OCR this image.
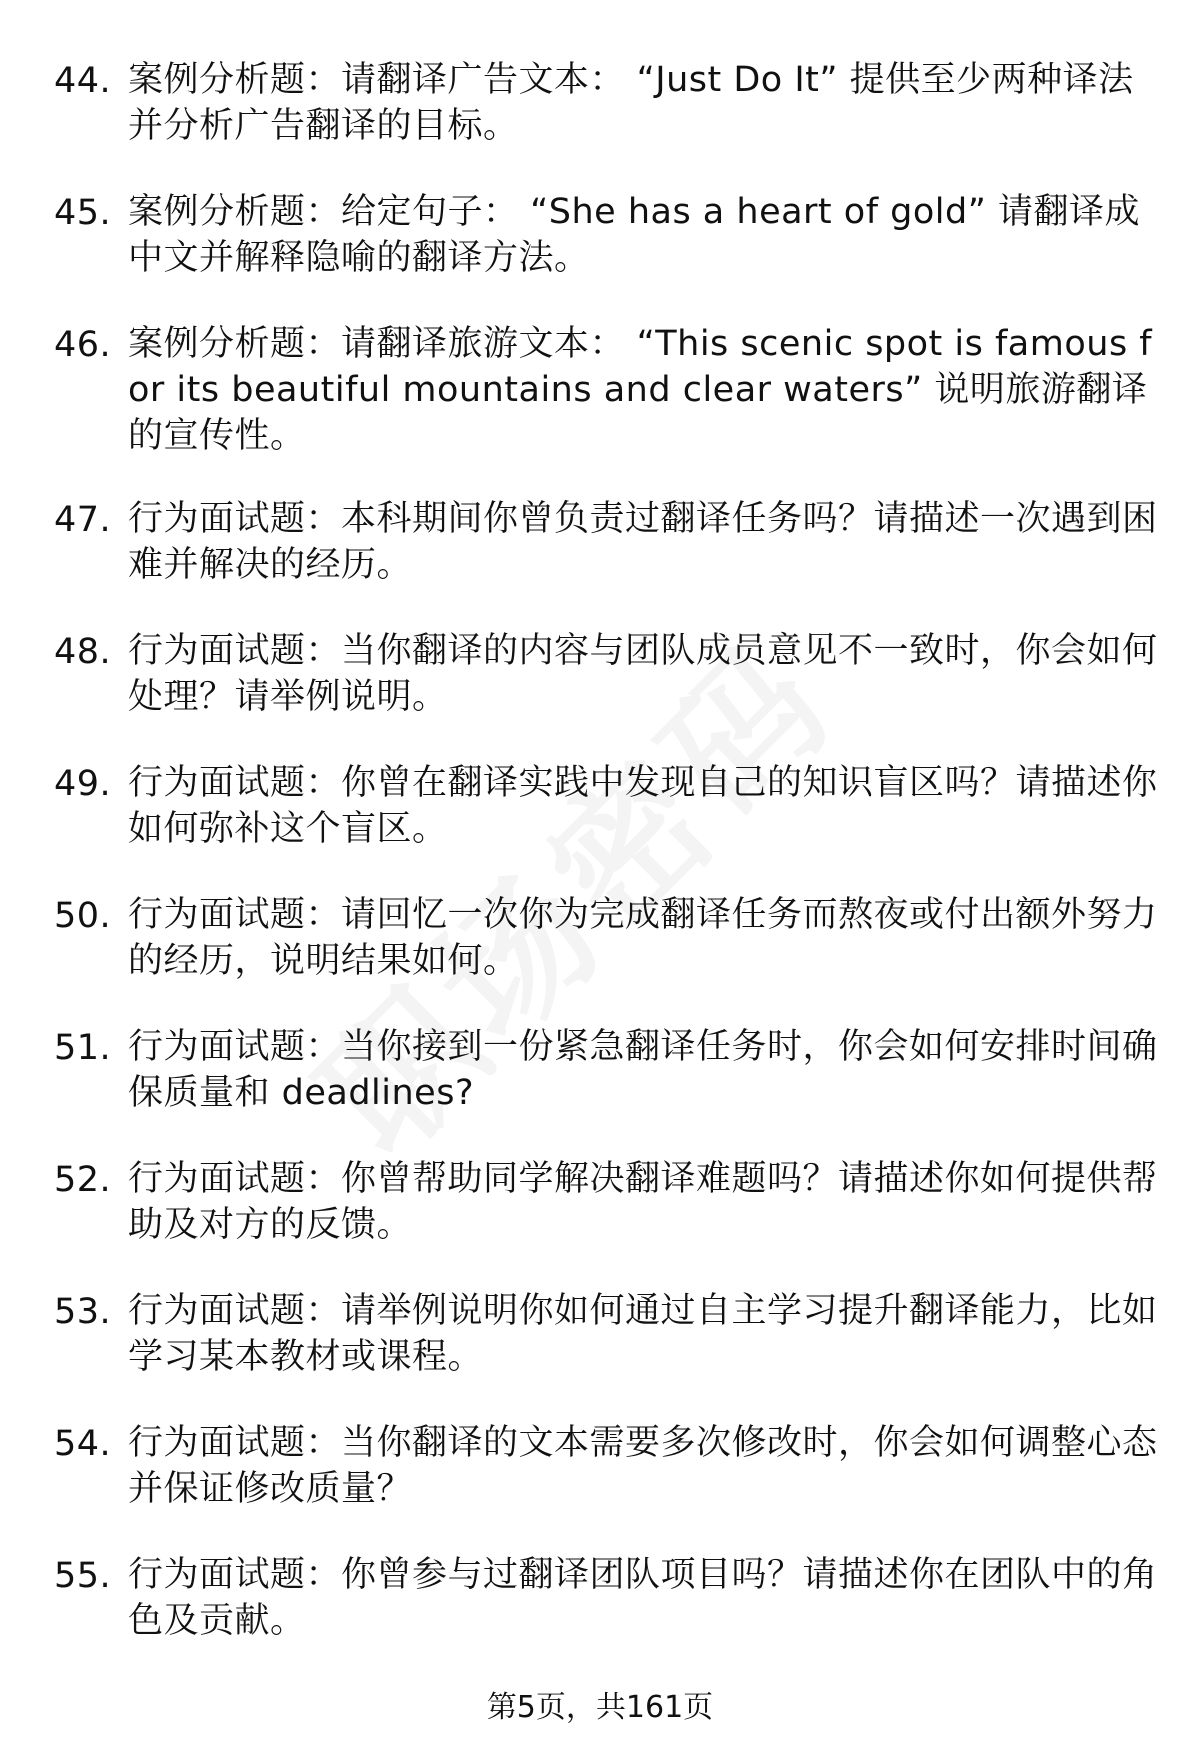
44. 案例分析题：请翻译广告文本： “Just Do It” 提供至少两种译法并分析广告翻译的目标。
45. 案例分析题：给定句子： “She has a heart of gold” 请翻译成中文并解释隐喻的翻译方法。
46. 案例分析题：请翻译旅游文本： “This scenic spot is famous for its beautiful mountains and clear waters” 说明旅游翻译的宣传性。
47. 行为面试题：本科期间你曾负责过翻译任务吗？请描述一次遇到困难并解决的经历。
48. 行为面试题：当你翻译的内容与团队成员意见不一致时，你会如何处理？请举例说明。
49. 行为面试题：你曾在翻译实践中发现自己的知识盲区吗？请描述你如何弥补这个盲区。
50. 行为面试题：请回忆一次你为完成翻译任务而熬夜或付出额外努力的经历，说明结果如何。
51. 行为面试题：当你接到一份紧急翻译任务时，你会如何安排时间确保质量和 deadlines?
52. 行为面试题：你曾帮助同学解决翻译难题吗？请描述你如何提供帮助及对方的反馈。
53. 行为面试题：请举例说明你如何通过自主学习提升翻译能力，比如学习某本教材或课程。
54. 行为面试题：当你翻译的文本需要多次修改时，你会如何调整心态并保证修改质量？
55. 行为面试题：你曾参与过翻译团队项目吗？请描述你在团队中的角色及贡献。
第5页，共161页
